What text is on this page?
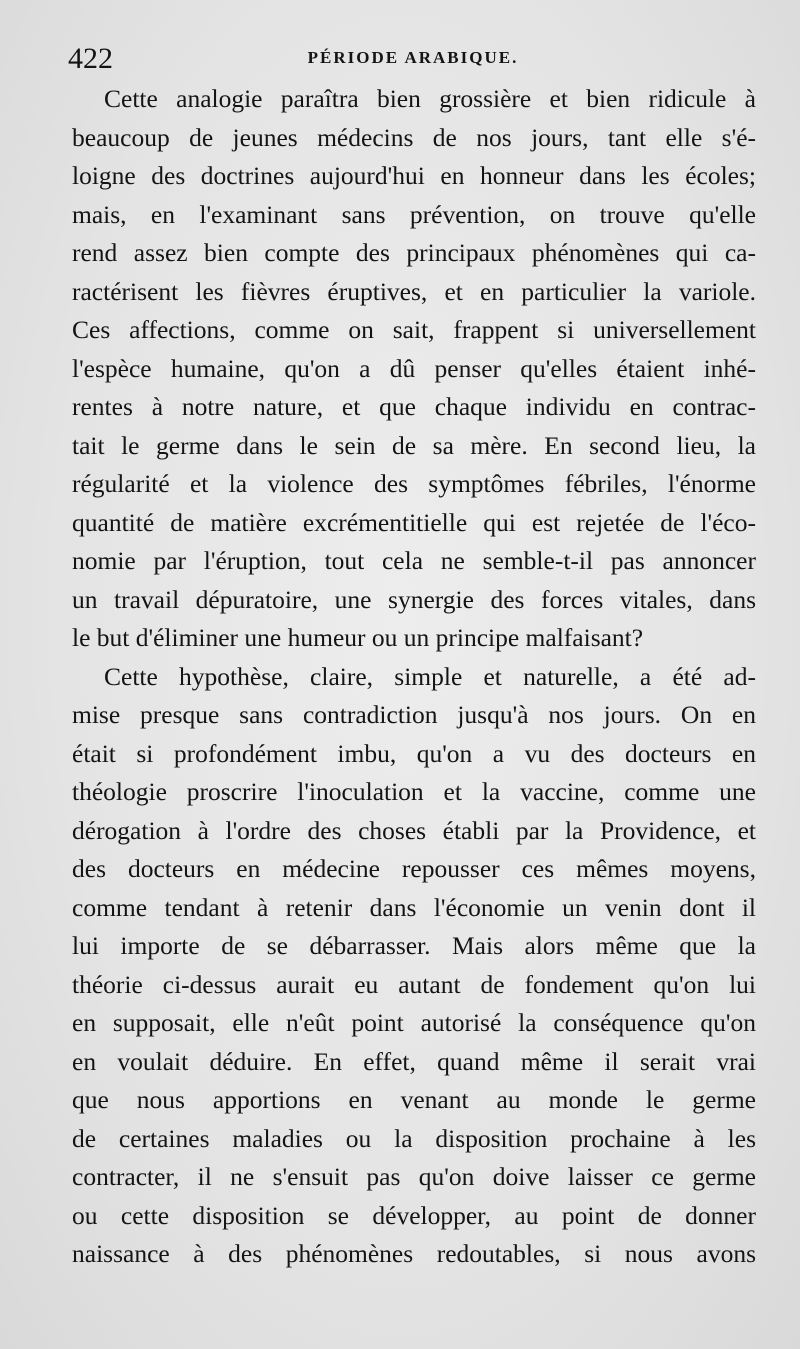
422	PÉRIODE ARABIQUE.
Cette analogie paraîtra bien grossière et bien ridicule à
beaucoup de jeunes médecins de nos jours, tant elle s'é-
loigne des doctrines aujourd'hui en honneur dans les écoles;
mais, en l'examinant sans prévention, on trouve qu'elle
rend assez bien compte des principaux phénomènes qui ca-
ractérisent les fièvres éruptives, et en particulier la variole.
Ces affections, comme on sait, frappent si universellement
l'espèce humaine, qu'on a dû penser qu'elles étaient inhé-
rentes à notre nature, et que chaque individu en contrac-
tait le germe dans le sein de sa mère. En second lieu, la
régularité et la violence des symptômes fébriles, l'énorme
quantité de matière excrémentitielle qui est rejetée de l'éco-
nomie par l'éruption, tout cela ne semble-t-il pas annoncer
un travail dépuratoire, une synergie des forces vitales, dans
le but d'éliminer une humeur ou un principe malfaisant?
Cette hypothèse, claire, simple et naturelle, a été ad-
mise presque sans contradiction jusqu'à nos jours. On en
était si profondément imbu, qu'on a vu des docteurs en
théologie proscrire l'inoculation et la vaccine, comme une
dérogation à l'ordre des choses établi par la Providence, et
des docteurs en médecine repousser ces mêmes moyens,
comme tendant à retenir dans l'économie un venin dont il
lui importe de se débarrasser. Mais alors même que la
théorie ci-dessus aurait eu autant de fondement qu'on lui
en supposait, elle n'eût point autorisé la conséquence qu'on
en voulait déduire. En effet, quand même il serait vrai
que nous apportions en venant au monde le germe
de certaines maladies ou la disposition prochaine à les
contracter, il ne s'ensuit pas qu'on doive laisser ce germe
ou cette disposition se développer, au point de donner
naissance à des phénomènes redoutables, si nous avons
